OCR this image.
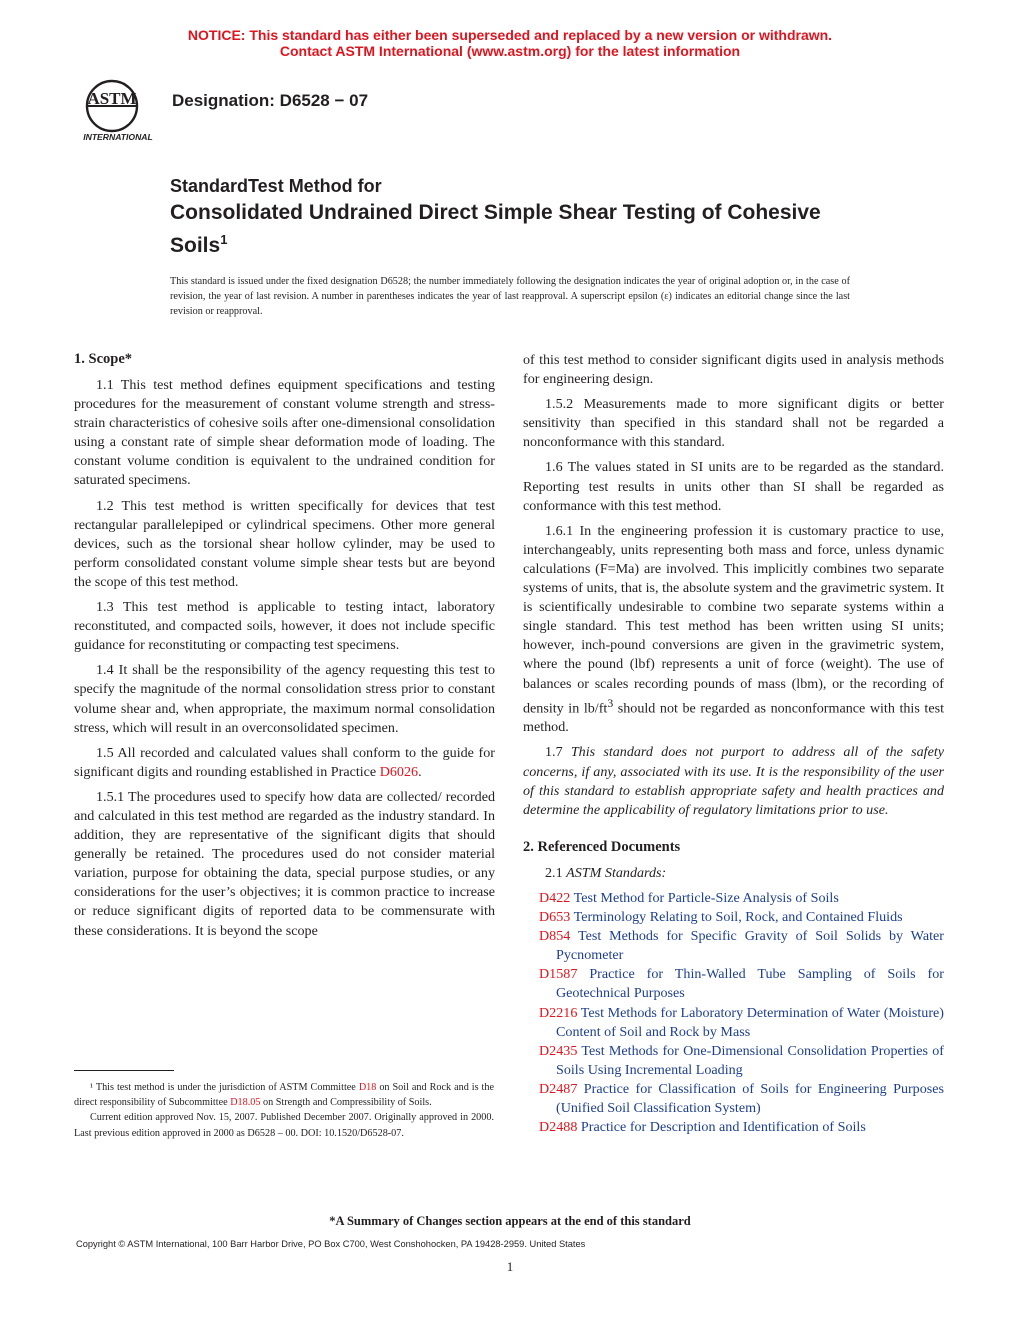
NOTICE: This standard has either been superseded and replaced by a new version or withdrawn.
Contact ASTM International (www.astm.org) for the latest information
ASTM
INTERNATIONAL
Designation: D6528 − 07
StandardTest Method for
Consolidated Undrained Direct Simple Shear Testing of Cohesive Soils$^1$
This standard is issued under the fixed designation D6528; the number immediately following the designation indicates the year of original adoption or, in the case of revision, the year of last revision. A number in parentheses indicates the year of last reapproval. A superscript epsilon (ε) indicates an editorial change since the last revision or reapproval.
1. Scope*

1.1 This test method defines equipment specifications and testing procedures for the measurement of constant volume strength and stress-strain characteristics of cohesive soils after one-dimensional consolidation using a constant rate of simple shear deformation mode of loading. The constant volume condition is equivalent to the undrained condition for saturated specimens.

1.2 This test method is written specifically for devices that test rectangular parallelepiped or cylindrical specimens. Other more general devices, such as the torsional shear hollow cylinder, may be used to perform consolidated constant volume simple shear tests but are beyond the scope of this test method.

1.3 This test method is applicable to testing intact, laboratory reconstituted, and compacted soils, however, it does not include specific guidance for reconstituting or compacting test specimens.

1.4 It shall be the responsibility of the agency requesting this test to specify the magnitude of the normal consolidation stress prior to constant volume shear and, when appropriate, the maximum normal consolidation stress, which will result in an overconsolidated specimen.

1.5 All recorded and calculated values shall conform to the guide for significant digits and rounding established in Practice D6026.

1.5.1 The procedures used to specify how data are collected/ recorded and calculated in this test method are regarded as the industry standard. In addition, they are representative of the significant digits that should generally be retained. The procedures used do not consider material variation, purpose for obtaining the data, special purpose studies, or any considerations for the user’s objectives; it is common practice to increase or reduce significant digits of reported data to be commensurate with these considerations. It is beyond the scope

of this test method to consider significant digits used in analysis methods for engineering design.

1.5.2 Measurements made to more significant digits or better sensitivity than specified in this standard shall not be regarded a nonconformance with this standard.

1.6 The values stated in SI units are to be regarded as the standard. Reporting test results in units other than SI shall be regarded as conformance with this test method.

1.6.1 In the engineering profession it is customary practice to use, interchangeably, units representing both mass and force, unless dynamic calculations (F=Ma) are involved. This implicitly combines two separate systems of units, that is, the absolute system and the gravimetric system. It is scientifically undesirable to combine two separate systems within a single standard. This test method has been written using SI units; however, inch-pound conversions are given in the gravimetric system, where the pound (lbf) represents a unit of force (weight). The use of balances or scales recording pounds of mass (lbm), or the recording of density in $lb/ft^3$ should not be regarded as nonconformance with this test method.

1.7 This standard does not purport to address all of the safety concerns, if any, associated with its use. It is the responsibility of the user of this standard to establish appropriate safety and health practices and determine the applicability of regulatory limitations prior to use.

2. Referenced Documents

2.1 ASTM Standards:

D422 Test Method for Particle-Size Analysis of Soils
D653 Terminology Relating to Soil, Rock, and Contained Fluids
D854 Test Methods for Specific Gravity of Soil Solids by Water Pycnometer
D1587 Practice for Thin-Walled Tube Sampling of Soils for Geotechnical Purposes
D2216 Test Methods for Laboratory Determination of Water (Moisture) Content of Soil and Rock by Mass
D2435 Test Methods for One-Dimensional Consolidation Properties of Soils Using Incremental Loading
D2487 Practice for Classification of Soils for Engineering Purposes (Unified Soil Classification System)
D2488 Practice for Description and Identification of Soils

¹ This test method is under the jurisdiction of ASTM Committee D18 on Soil and Rock and is the direct responsibility of Subcommittee D18.05 on Strength and Compressibility of Soils.

Current edition approved Nov. 15, 2007. Published December 2007. Originally approved in 2000. Last previous edition approved in 2000 as D6528 – 00. DOI: 10.1520/D6528-07.

*A Summary of Changes section appears at the end of this standard
Copyright © ASTM International, 100 Barr Harbor Drive, PO Box C700, West Conshohocken, PA 19428-2959. United States
1
